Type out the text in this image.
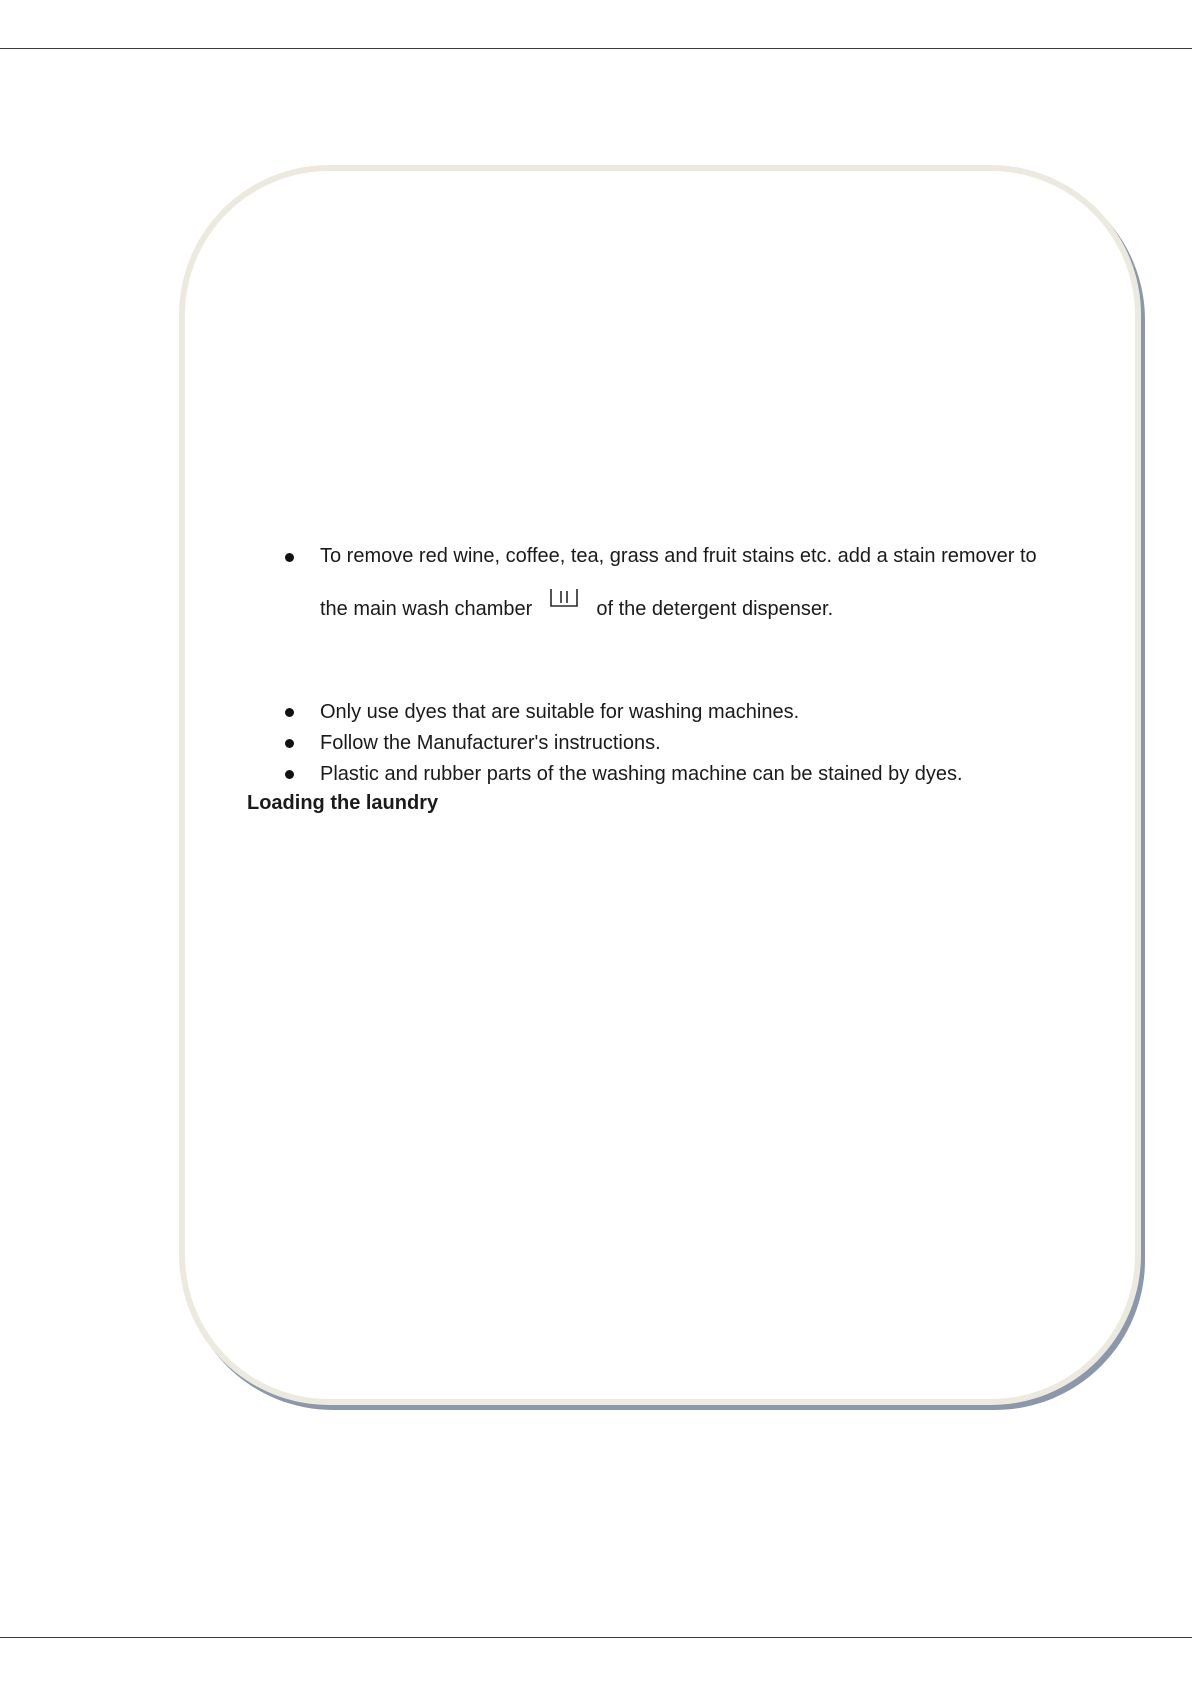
To remove red wine, coffee, tea, grass and fruit stains etc. add a stain remover to
the main wash chamber	of the detergent dispenser.
Only use dyes that are suitable for washing machines.
Follow the Manufacturer's instructions.
Plastic and rubber parts of the washing machine can be stained by dyes.
Loading the laundry
